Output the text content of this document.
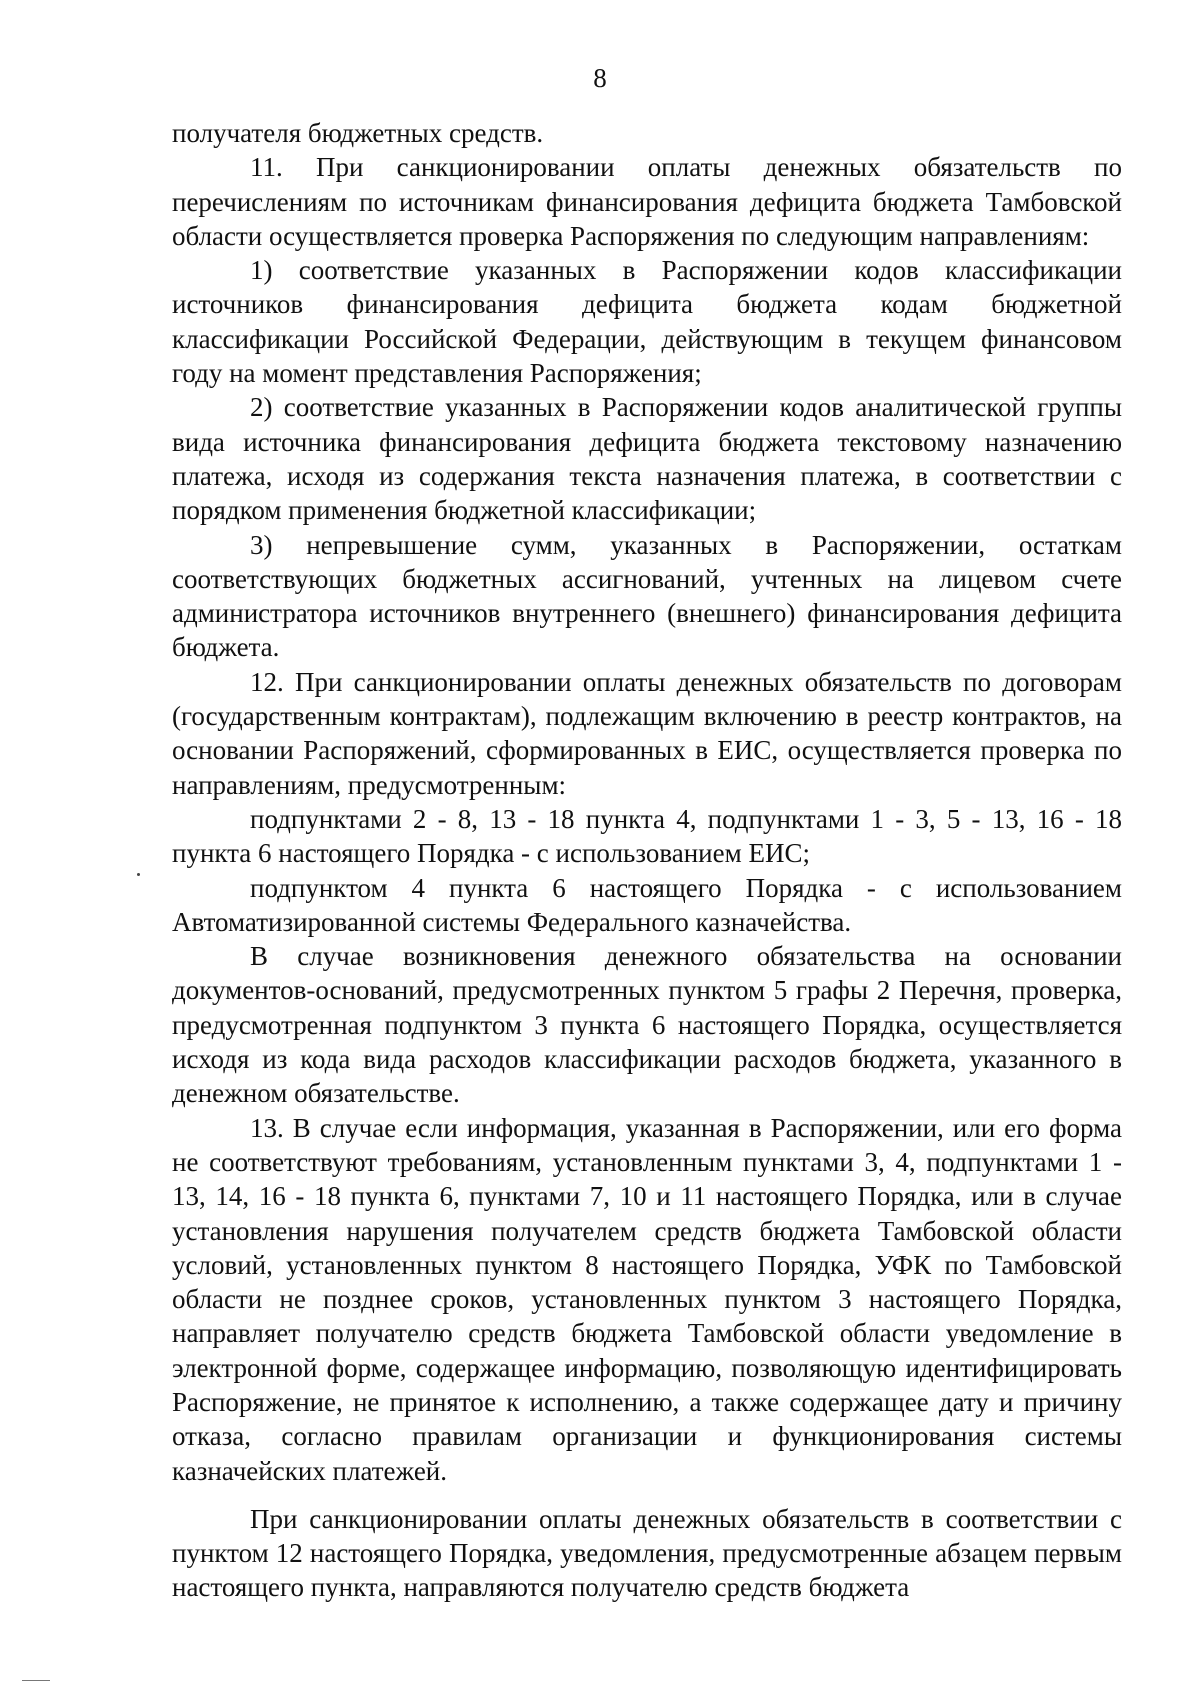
8

получателя бюджетных средств.

11. При санкционировании оплаты денежных обязательств по перечислениям по источникам финансирования дефицита бюджета Тамбовской области осуществляется проверка Распоряжения по следующим направлениям:

1) соответствие указанных в Распоряжении кодов классификации источников финансирования дефицита бюджета кодам бюджетной классификации Российской Федерации, действующим в текущем финансовом году на момент представления Распоряжения;

2) соответствие указанных в Распоряжении кодов аналитической группы вида источника финансирования дефицита бюджета текстовому назначению платежа, исходя из содержания текста назначения платежа, в соответствии с порядком применения бюджетной классификации;

3) непревышение сумм, указанных в Распоряжении, остаткам соответствующих бюджетных ассигнований, учтенных на лицевом счете администратора источников внутреннего (внешнего) финансирования дефицита бюджета.

12. При санкционировании оплаты денежных обязательств по договорам (государственным контрактам), подлежащим включению в реестр контрактов, на основании Распоряжений, сформированных в ЕИС, осуществляется проверка по направлениям, предусмотренным:

подпунктами 2 - 8, 13 - 18 пункта 4, подпунктами 1 - 3, 5 - 13, 16 - 18 пункта 6 настоящего Порядка - с использованием ЕИС;

подпунктом 4 пункта 6 настоящего Порядка - с использованием Автоматизированной системы Федерального казначейства.

В случае возникновения денежного обязательства на основании документов-оснований, предусмотренных пунктом 5 графы 2 Перечня, проверка, предусмотренная подпунктом 3 пункта 6 настоящего Порядка, осуществляется исходя из кода вида расходов классификации расходов бюджета, указанного в денежном обязательстве.

13. В случае если информация, указанная в Распоряжении, или его форма не соответствуют требованиям, установленным пунктами 3, 4, подпунктами 1 - 13, 14, 16 - 18 пункта 6, пунктами 7, 10 и 11 настоящего Порядка, или в случае установления нарушения получателем средств бюджета Тамбовской области условий, установленных пунктом 8 настоящего Порядка, УФК по Тамбовской области не позднее сроков, установленных пунктом 3 настоящего Порядка, направляет получателю средств бюджета Тамбовской области уведомление в электронной форме, содержащее информацию, позволяющую идентифицировать Распоряжение, не принятое к исполнению, а также содержащее дату и причину отказа, согласно правилам организации и функционирования системы казначейских платежей.

При санкционировании оплаты денежных обязательств в соответствии с пунктом 12 настоящего Порядка, уведомления, предусмотренные абзацем первым настоящего пункта, направляются получателю средств бюджета
